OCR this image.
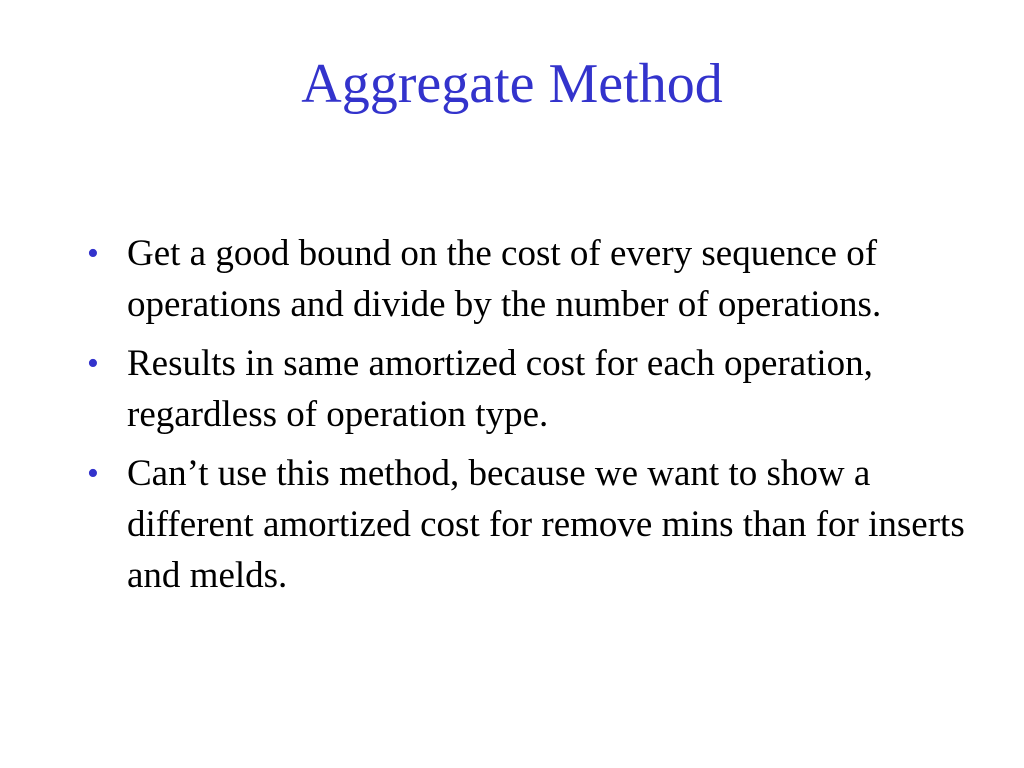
Aggregate Method
• Get a good bound on the cost of every sequence of operations and divide by the number of operations.
• Results in same amortized cost for each operation, regardless of operation type.
• Can’t use this method, because we want to show a different amortized cost for remove mins than for inserts and melds.
